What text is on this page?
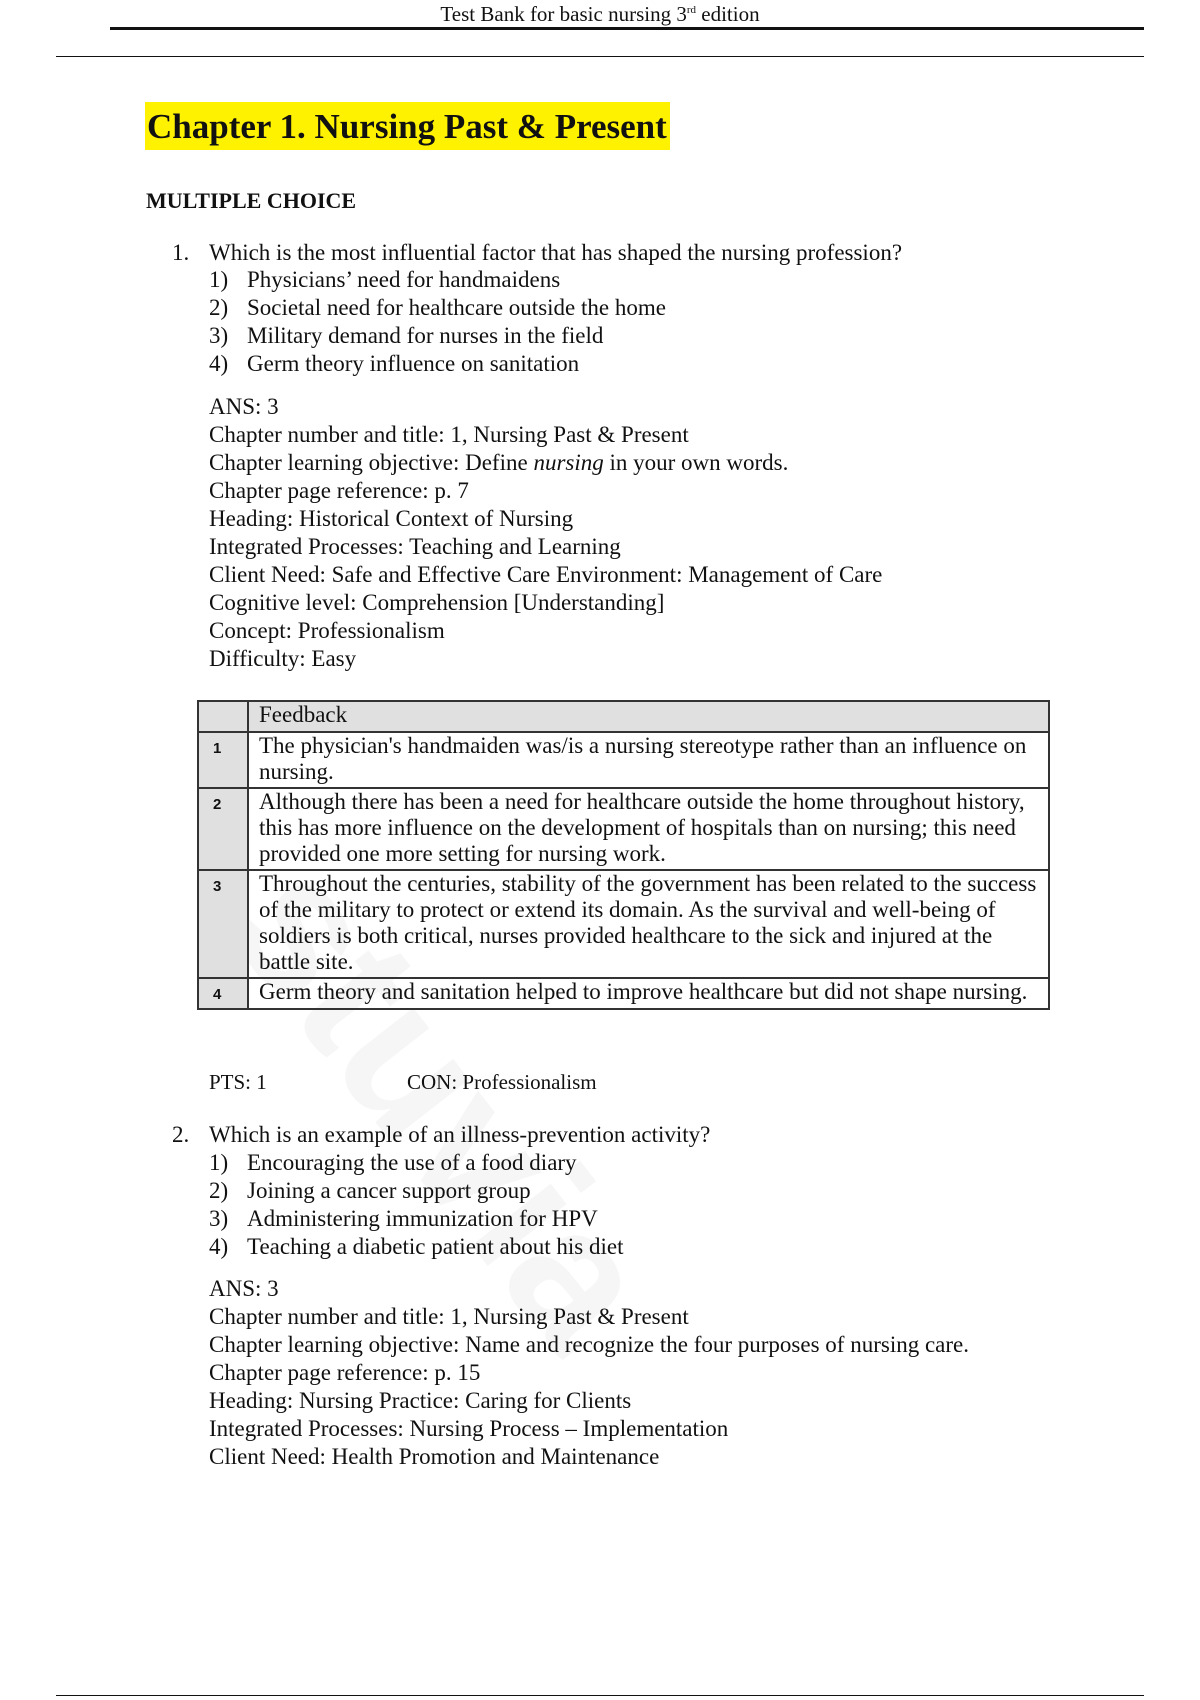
Test Bank for basic nursing 3rd edition
Chapter 1. Nursing Past & Present
MULTIPLE CHOICE
1. Which is the most influential factor that has shaped the nursing profession?
1) Physicians’ need for handmaidens
2) Societal need for healthcare outside the home
3) Military demand for nurses in the field
4) Germ theory influence on sanitation
ANS: 3
Chapter number and title: 1, Nursing Past & Present
Chapter learning objective: Define nursing in your own words.
Chapter page reference: p. 7
Heading: Historical Context of Nursing
Integrated Processes: Teaching and Learning
Client Need: Safe and Effective Care Environment: Management of Care
Cognitive level: Comprehension [Understanding]
Concept: Professionalism
Difficulty: Easy
	Feedback
1	The physician's handmaiden was/is a nursing stereotype rather than an influence on nursing.
2	Although there has been a need for healthcare outside the home throughout history, this has more influence on the development of hospitals than on nursing; this need provided one more setting for nursing work.
3	Throughout the centuries, stability of the government has been related to the success of the military to protect or extend its domain. As the survival and well-being of soldiers is both critical, nurses provided healthcare to the sick and injured at the battle site.
4	Germ theory and sanitation helped to improve healthcare but did not shape nursing.
PTS: 1	CON: Professionalism
2. Which is an example of an illness-prevention activity?
1) Encouraging the use of a food diary
2) Joining a cancer support group
3) Administering immunization for HPV
4) Teaching a diabetic patient about his diet
ANS: 3
Chapter number and title: 1, Nursing Past & Present
Chapter learning objective: Name and recognize the four purposes of nursing care.
Chapter page reference: p. 15
Heading: Nursing Practice: Caring for Clients
Integrated Processes: Nursing Process – Implementation
Client Need: Health Promotion and Maintenance
